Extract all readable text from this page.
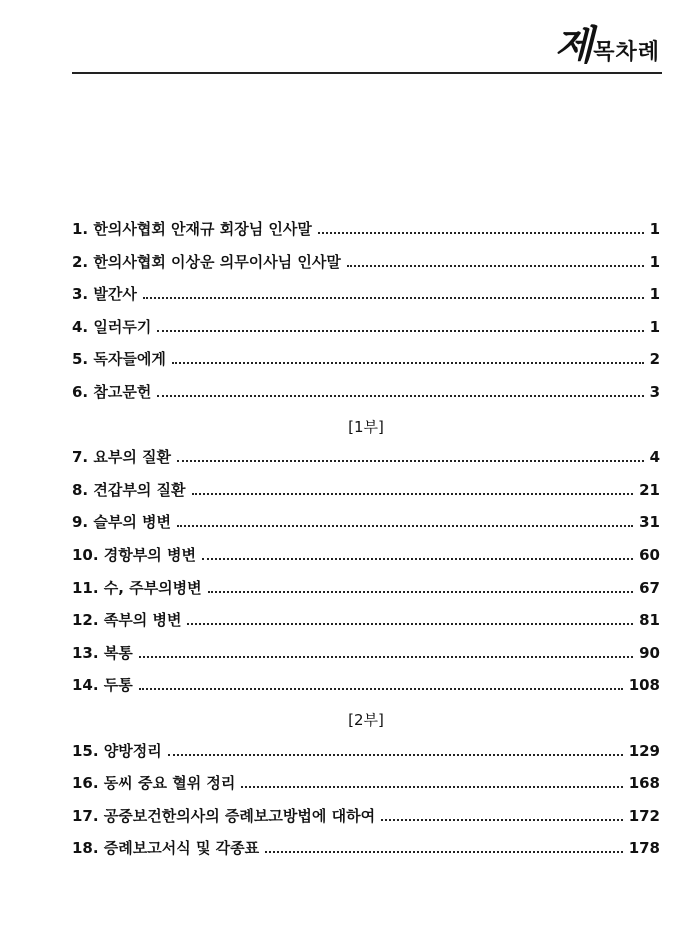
제 목차례
1. 한의사협회 안재규 회장님 인사말	1
2. 한의사협회 이상운 의무이사님 인사말	1
3. 발간사	1
4. 일러두기	1
5. 독자들에게	2
6. 참고문헌	3
[1부]
7. 요부의 질환	4
8. 견갑부의 질환	21
9. 슬부의 병변	31
10. 경항부의 병변	60
11. 수, 주부의병변	67
12. 족부의 병변	81
13. 복통	90
14. 두통	108
[2부]
15. 양방정리	129
16. 동씨 중요 혈위 정리	168
17. 공중보건한의사의 증례보고방법에 대하여	172
18. 증례보고서식 및 각종표	178
